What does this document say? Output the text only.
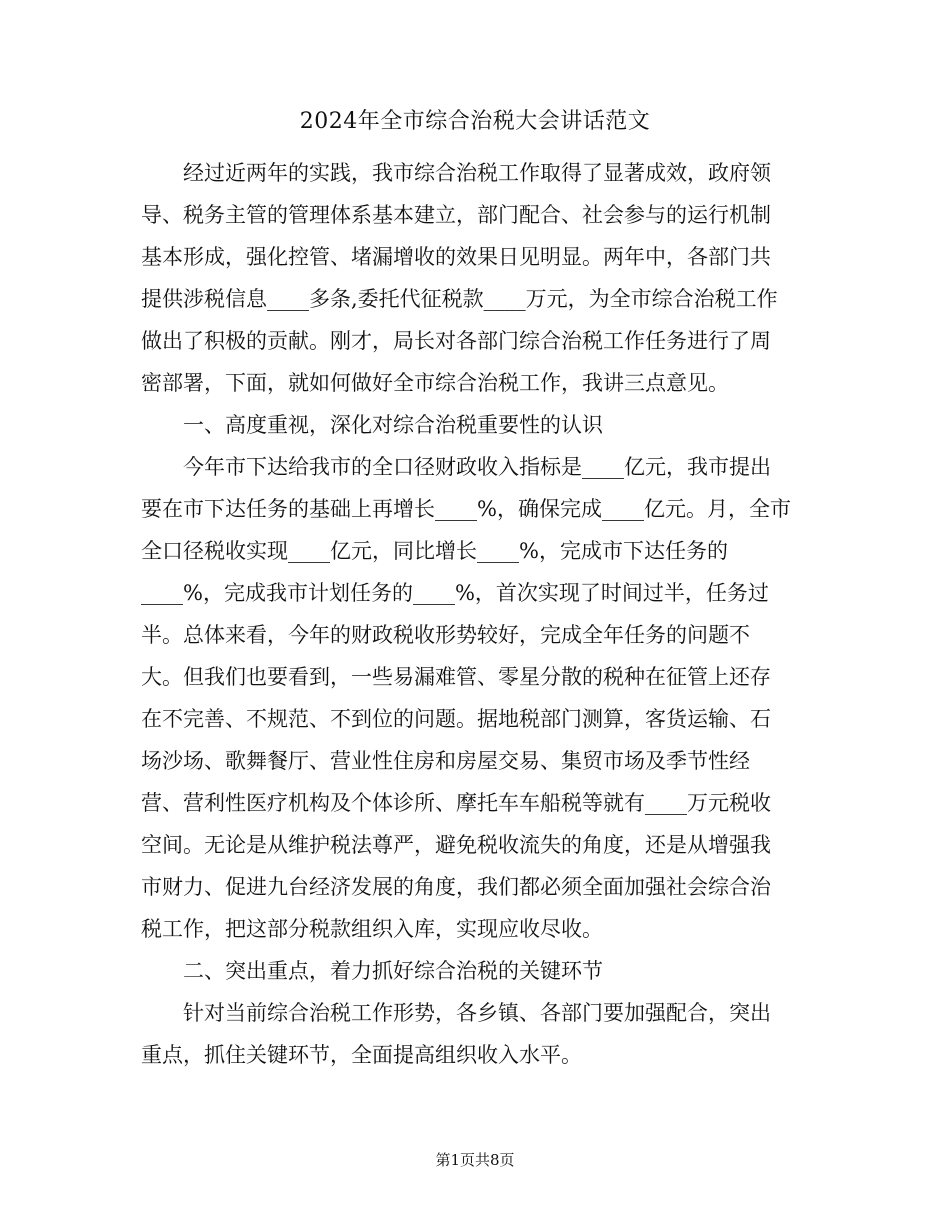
2024年全市综合治税大会讲话范文
经过近两年的实践，我市综合治税工作取得了显著成效，政府领
导、税务主管的管理体系基本建立，部门配合、社会参与的运行机制
基本形成，强化控管、堵漏增收的效果日见明显。两年中，各部门共
提供涉税信息____多条,委托代征税款____万元，为全市综合治税工作
做出了积极的贡献。刚才，局长对各部门综合治税工作任务进行了周
密部署，下面，就如何做好全市综合治税工作，我讲三点意见。
一、高度重视，深化对综合治税重要性的认识
今年市下达给我市的全口径财政收入指标是____亿元，我市提出
要在市下达任务的基础上再增长____%，确保完成____亿元。月，全市
全口径税收实现____亿元，同比增长____%，完成市下达任务的
____%，完成我市计划任务的____%，首次实现了时间过半，任务过
半。总体来看，今年的财政税收形势较好，完成全年任务的问题不
大。但我们也要看到，一些易漏难管、零星分散的税种在征管上还存
在不完善、不规范、不到位的问题。据地税部门测算，客货运输、石
场沙场、歌舞餐厅、营业性住房和房屋交易、集贸市场及季节性经
营、营利性医疗机构及个体诊所、摩托车车船税等就有____万元税收
空间。无论是从维护税法尊严，避免税收流失的角度，还是从增强我
市财力、促进九台经济发展的角度，我们都必须全面加强社会综合治
税工作，把这部分税款组织入库，实现应收尽收。
二、突出重点，着力抓好综合治税的关键环节
针对当前综合治税工作形势，各乡镇、各部门要加强配合，突出
重点，抓住关键环节，全面提高组织收入水平。
第1页共8页
